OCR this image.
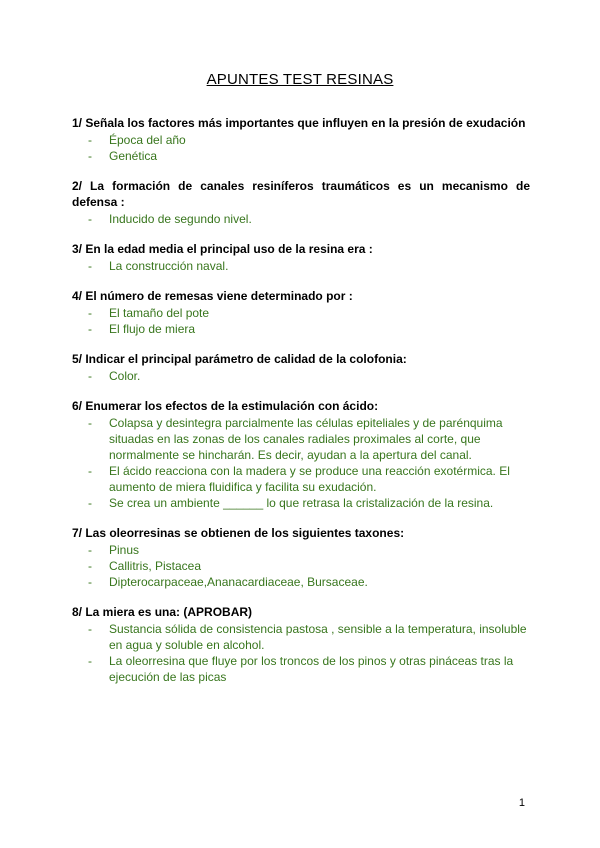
APUNTES TEST RESINAS
1/ Señala los factores más importantes que influyen en la presión de exudación
- Época del año
- Genética
2/ La formación de canales resiníferos traumáticos es un mecanismo de defensa :
- Inducido de segundo nivel.
3/ En la edad media el principal uso de la resina era :
- La construcción naval.
4/ El número de remesas viene determinado por :
- El tamaño del pote
- El flujo de miera
5/ Indicar el principal parámetro de calidad de la colofonia:
- Color.
6/ Enumerar los efectos de la estimulación con ácido:
- Colapsa y desintegra parcialmente las células epiteliales y de parénquima situadas en las zonas de los canales radiales proximales al corte, que normalmente se hincharán. Es decir, ayudan a la apertura del canal.
- El ácido reacciona con la madera y se produce una reacción exotérmica. El aumento de miera fluidifica y facilita su exudación.
- Se crea un ambiente ______ lo que retrasa la cristalización de la resina.
7/ Las oleorresinas se obtienen de los siguientes taxones:
- Pinus
- Callitris, Pistacea
- Dipterocarpaceae,Ananacardiaceae, Bursaceae.
8/ La miera es una: (APROBAR)
- Sustancia sólida de consistencia pastosa , sensible a la temperatura, insoluble en agua y soluble en alcohol.
- La oleorresina que fluye por los troncos de los pinos y otras pináceas tras la ejecución de las picas
1
